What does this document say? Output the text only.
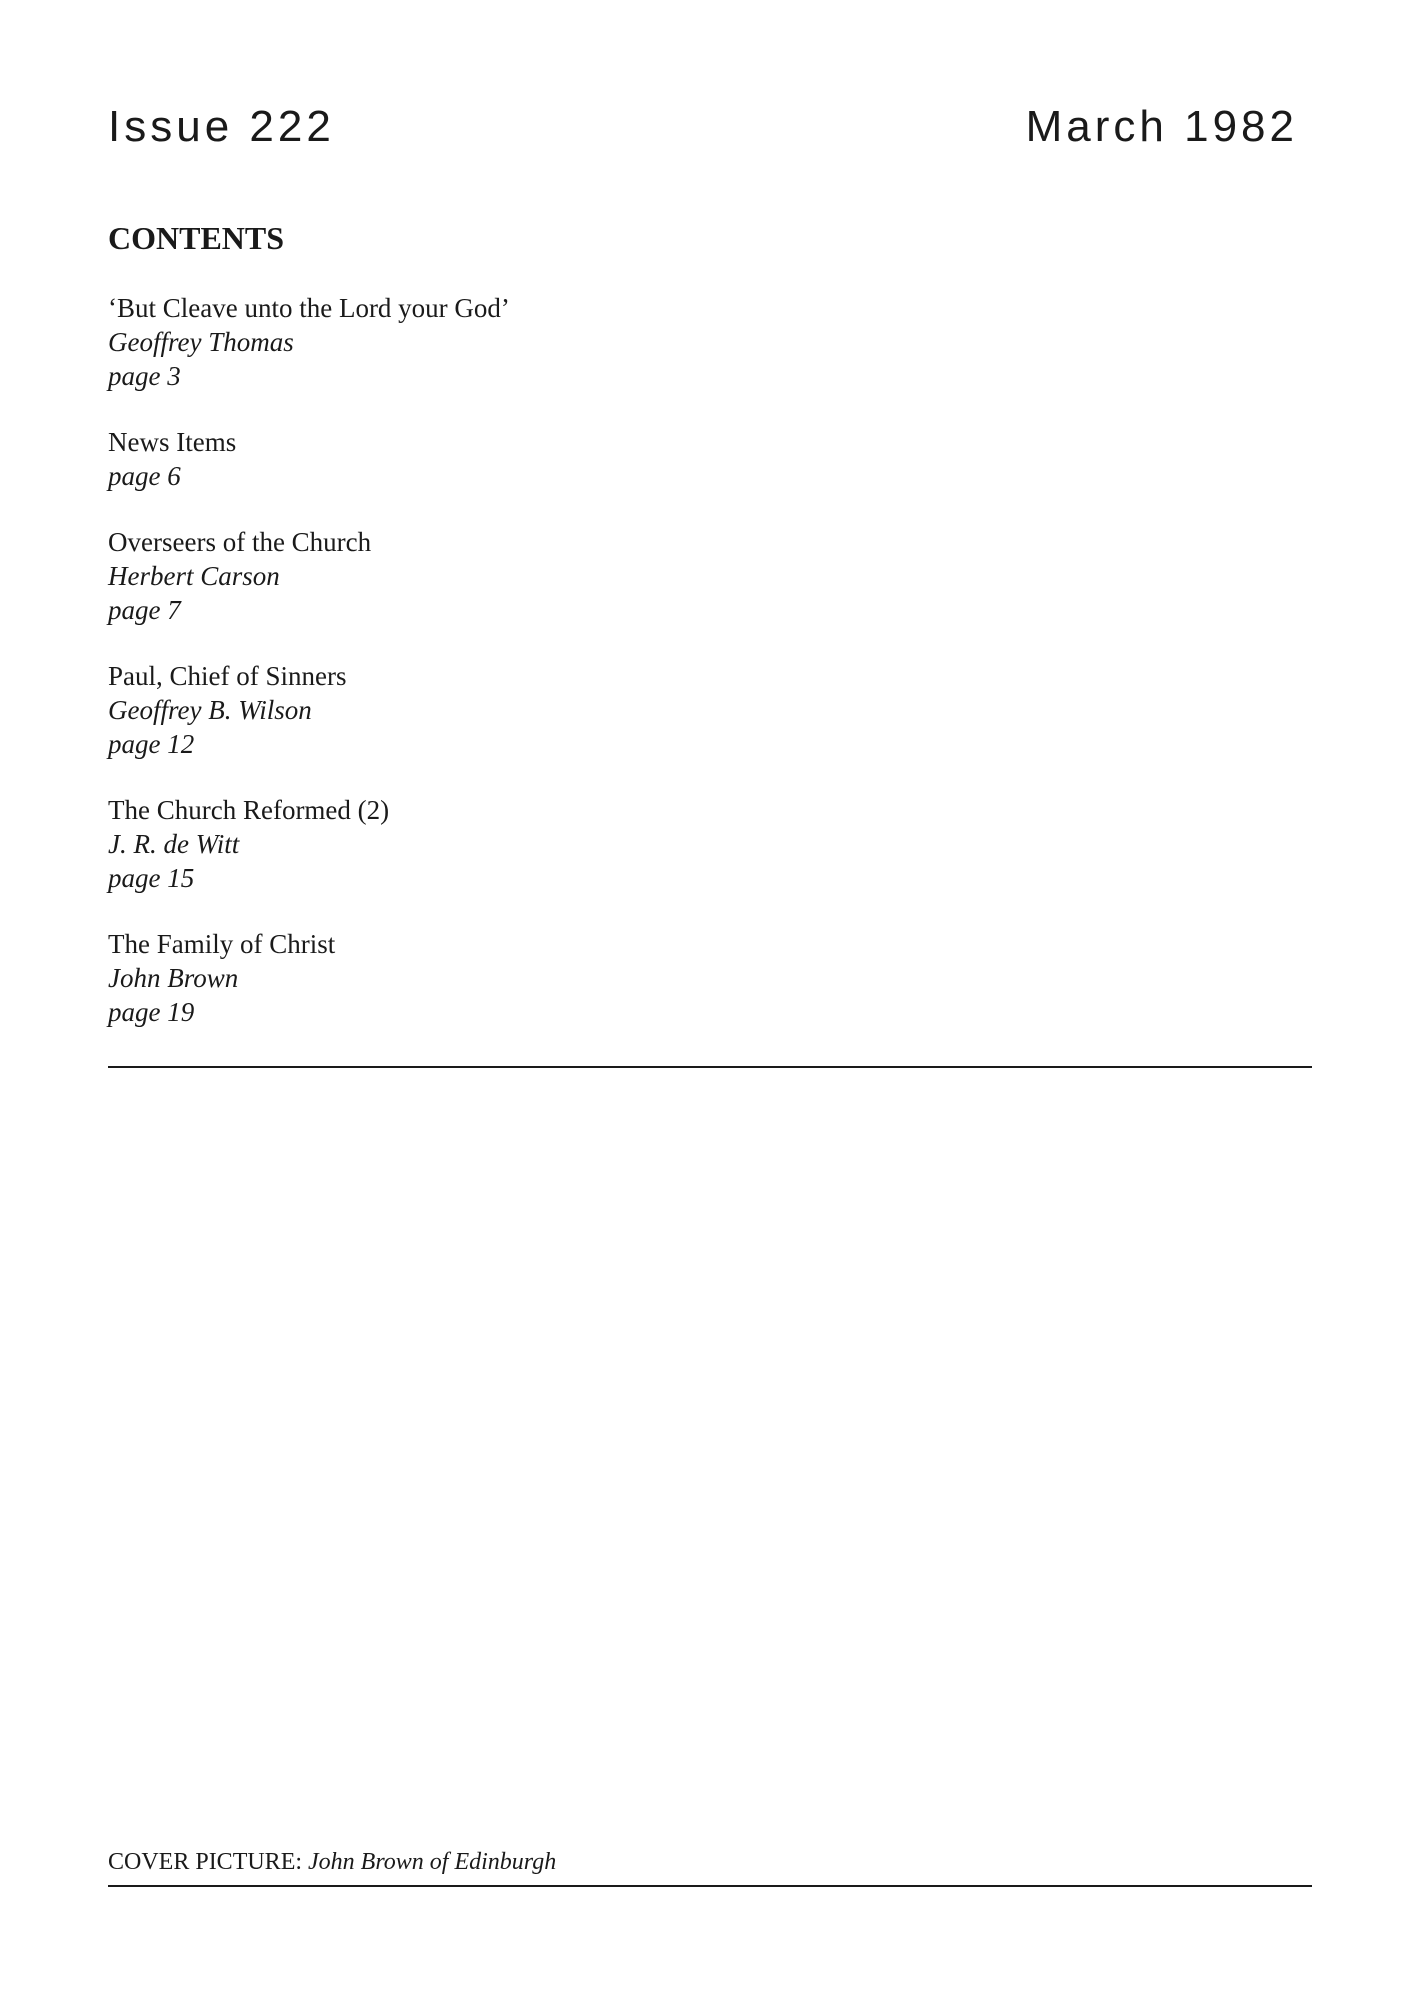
Issue 222	March 1982
CONTENTS
‘But Cleave unto the Lord your God’
Geoffrey Thomas
page 3
News Items
page 6
Overseers of the Church
Herbert Carson
page 7
Paul, Chief of Sinners
Geoffrey B. Wilson
page 12
The Church Reformed (2)
J. R. de Witt
page 15
The Family of Christ
John Brown
page 19
COVER PICTURE: John Brown of Edinburgh
